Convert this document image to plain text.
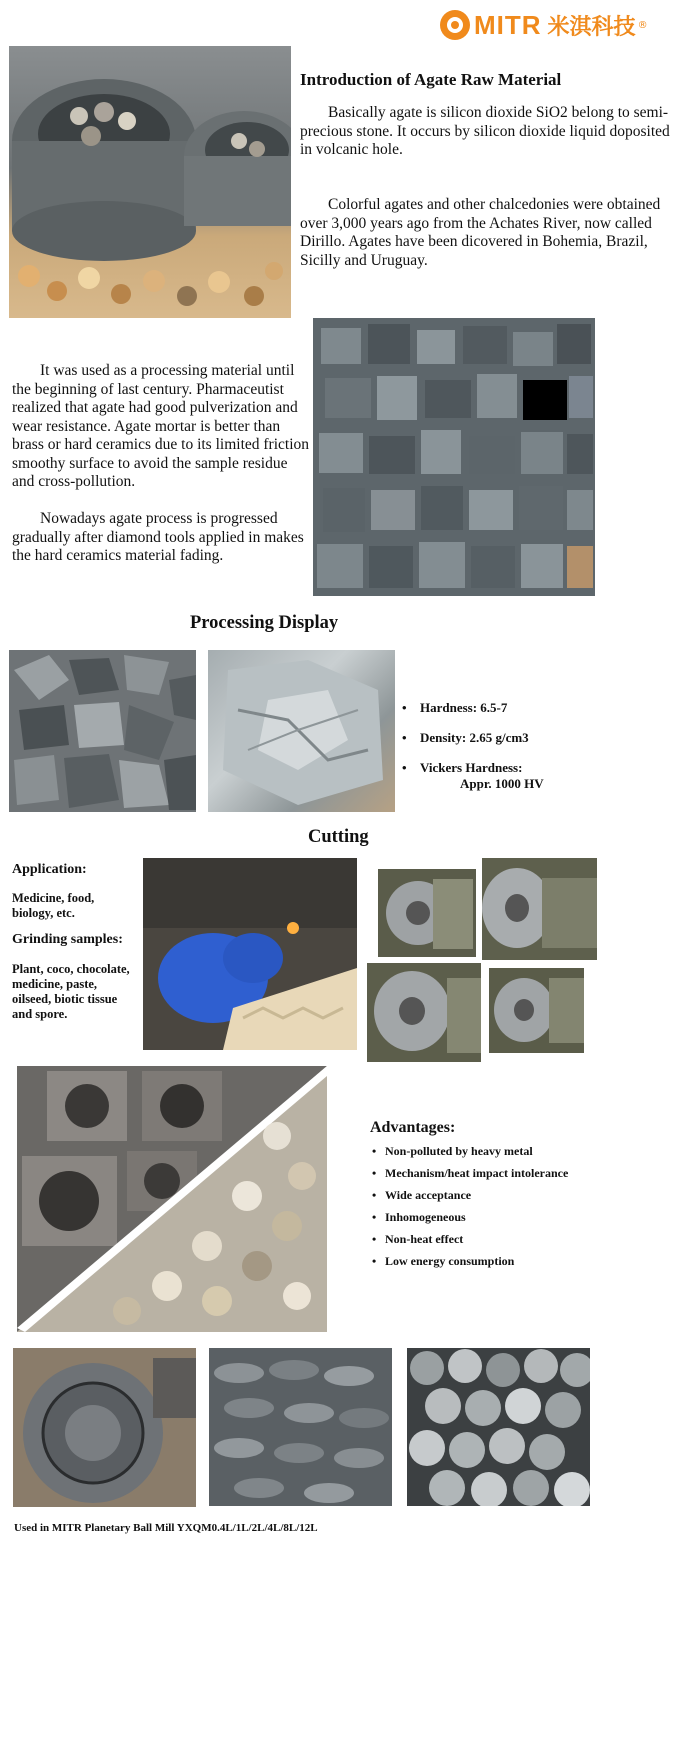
MITR 米淇科技 ®
Introduction of Agate Raw Material

Basically agate is silicon dioxide SiO2 belong to semi-precious stone. It occurs by silicon dioxide liquid doposited in volcanic hole.

Colorful agates and other chalcedonies were obtained over 3,000 years ago from the Achates River, now called Dirillo. Agates have been dicovered in Bohemia, Brazil, Sicilly and Uruguay.

It was used as a processing material until the beginning of last century. Pharmaceutist realized that agate had good pulverization and wear resistance. Agate mortar is better than brass or hard ceramics due to its limited friction smoothy surface to avoid the sample residue and cross-pollution.

Nowadays agate process is progressed gradually after diamond tools applied in makes the hard ceramics material fading.

Processing Display
• Hardness: 6.5-7
• Density: 2.65 g/cm3
• Vickers Hardness:
Appr. 1000 HV
Cutting
Application:

Medicine, food, biology, etc.

Grinding samples:

Plant, coco, chocolate, medicine, paste, oilseed, biotic tissue and spore.

Advantages:
• Non-polluted by heavy metal
• Mechanism/heat impact intolerance
• Wide acceptance
• Inhomogeneous
• Non-heat effect
• Low energy consumption

Used in MITR Planetary Ball Mill YXQM0.4L/1L/2L/4L/8L/12L
